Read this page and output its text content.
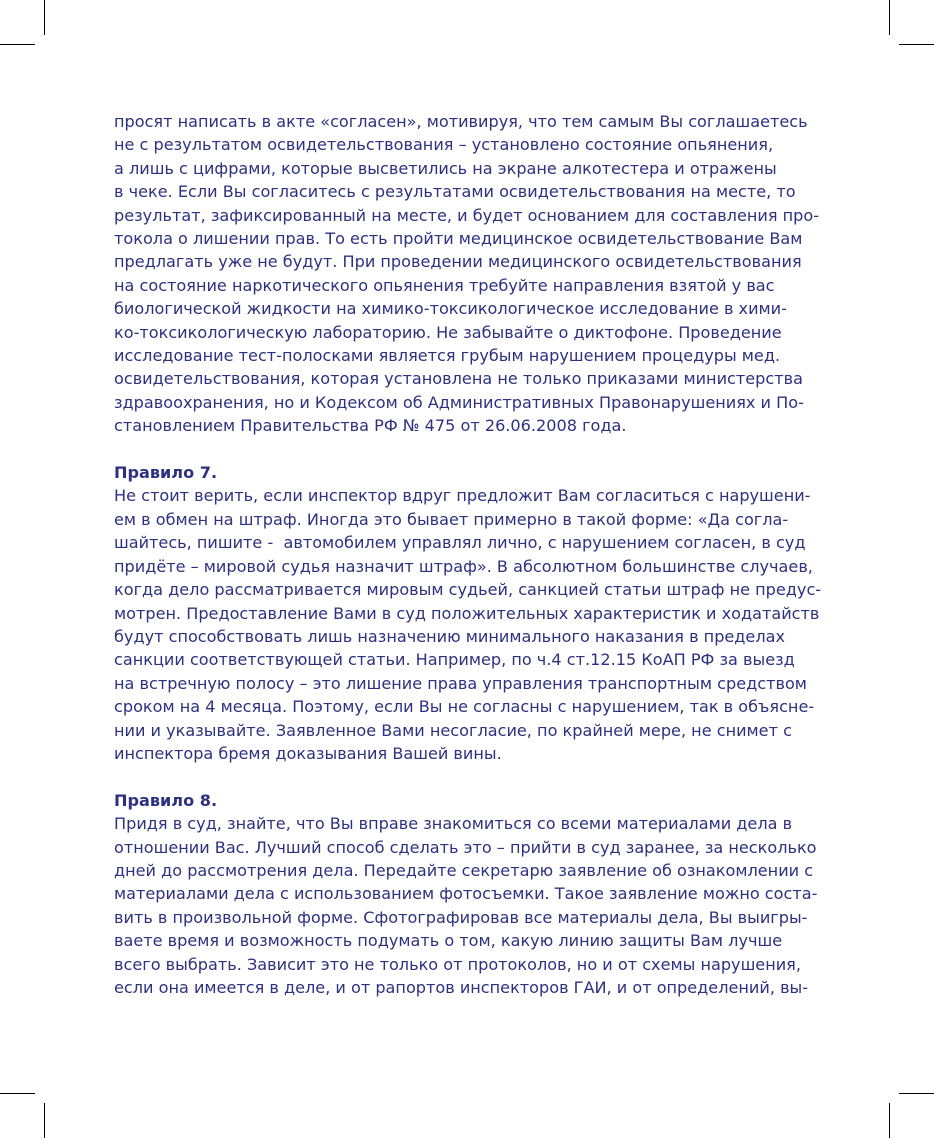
просят написать в акте «согласен», мотивируя, что тем самым Вы соглашаетесь
не с результатом освидетельствования – установлено состояние опьянения,
а лишь с цифрами, которые высветились на экране алкотестера и отражены
в чеке. Если Вы согласитесь с результатами освидетельствования на месте, то
результат, зафиксированный на месте, и будет основанием для составления про-
токола о лишении прав. То есть пройти медицинское освидетельствование Вам
предлагать уже не будут. При проведении медицинского освидетельствования
на состояние наркотического опьянения требуйте направления взятой у вас
биологической жидкости на химико-токсикологическое исследование в хими-
ко-токсикологическую лабораторию. Не забывайте о диктофоне. Проведение
исследование тест-полосками является грубым нарушением процедуры мед.
освидетельствования, которая установлена не только приказами министерства
здравоохранения, но и Кодексом об Административных Правонарушениях и По-
становлением Правительства РФ № 475 от 26.06.2008 года.
Правило 7.
Не стоит верить, если инспектор вдруг предложит Вам согласиться с нарушени-
ем в обмен на штраф. Иногда это бывает примерно в такой форме: «Да согла-
шайтесь, пишите -  автомобилем управлял лично, с нарушением согласен, в суд
придёте – мировой судья назначит штраф». В абсолютном большинстве случаев,
когда дело рассматривается мировым судьей, санкцией статьи штраф не предус-
мотрен. Предоставление Вами в суд положительных характеристик и ходатайств
будут способствовать лишь назначению минимального наказания в пределах
санкции соответствующей статьи. Например, по ч.4 ст.12.15 КоАП РФ за выезд
на встречную полосу – это лишение права управления транспортным средством
сроком на 4 месяца. Поэтому, если Вы не согласны с нарушением, так в объясне-
нии и указывайте. Заявленное Вами несогласие, по крайней мере, не снимет с
инспектора бремя доказывания Вашей вины.
Правило 8.
Придя в суд, знайте, что Вы вправе знакомиться со всеми материалами дела в
отношении Вас. Лучший способ сделать это – прийти в суд заранее, за несколько
дней до рассмотрения дела. Передайте секретарю заявление об ознакомлении с
материалами дела с использованием фотосъемки. Такое заявление можно соста-
вить в произвольной форме. Сфотографировав все материалы дела, Вы выигры-
ваете время и возможность подумать о том, какую линию защиты Вам лучше
всего выбрать. Зависит это не только от протоколов, но и от схемы нарушения,
если она имеется в деле, и от рапортов инспекторов ГАИ, и от определений, вы-
